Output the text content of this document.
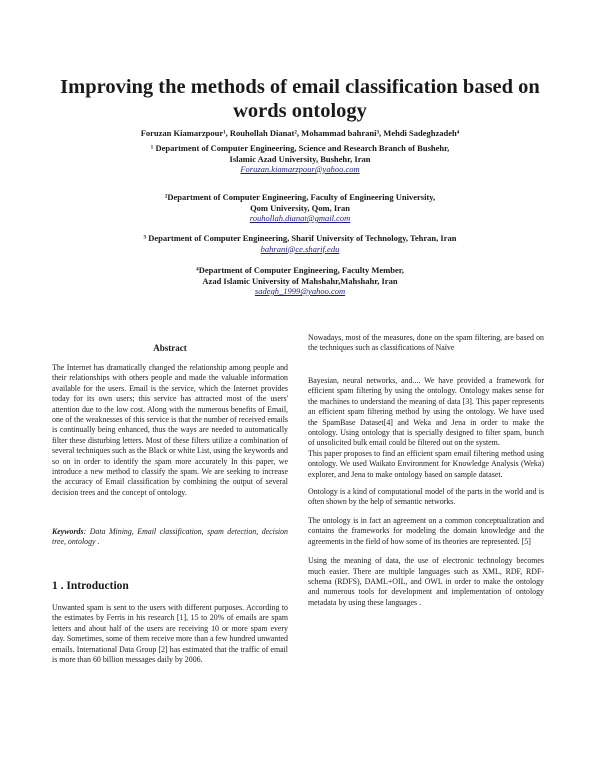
Improving the methods of email classification based on
words ontology
Foruzan Kiamarzpour¹, Rouhollah Dianat², Mohammad bahrani³, Mehdi Sadeghzadeh⁴
¹ Department of Computer Engineering, Science and Research Branch of Bushehr,
Islamic Azad University, Bushehr, Iran
Foruzan.kiamarzpour@yahoo.com
²Department of Computer Engineering, Faculty of Engineering University,
Qom University, Qom, Iran
rouhollah.dianat@gmail.com
³ Department of Computer Engineering, Sharif University of Technology, Tehran, Iran
bahrani@ce.sharif.edu
⁴Department of Computer Engineering, Faculty Member,
Azad Islamic University of Mahshahr,Mahshahr, Iran
sadegh_1999@yahoo.com
Abstract

The Internet has dramatically changed the relationship among people and their relationships with others people and made the valuable information available for the users. Email is the service, which the Internet provides today for its own users; this service has attracted most of the users' attention due to the low cost. Along with the numerous benefits of Email, one of the weaknesses of this service is that the number of received emails is continually being enhanced, thus the ways are needed to automatically filter these disturbing letters. Most of these filters utilize a combination of several techniques such as the Black or white List, using the keywords and so on in order to identify the spam more accurately In this paper, we introduce a new method to classify the spam. We are seeking to increase the accuracy of Email classification by combining the output of several decision trees and the concept of ontology.

Keywords: Data Mining, Email classification, spam detection, decision tree, ontology .

1 . Introduction

Unwanted spam is sent to the users with different purposes. According to the estimates by Ferris in his research [1], 15 to 20% of emails are spam letters and about half of the users are receiving 10 or more spam every day. Sometimes, some of them receive more than a few hundred unwanted emails. International Data Group [2] has estimated that the traffic of email is more than 60 billion messages daily by 2006.

Nowadays, most of the measures, done on the spam filtering, are based on the techniques such as classifications of Naïve

Bayesian, neural networks, and.... We have provided a framework for efficient spam filtering by using the ontology. Ontology makes sense for the machines to understand the meaning of data [3]. This paper represents an efficient spam filtering method by using the ontology. We have used the SpamBase Dataset[4] and Weka and Jena in order to make the ontology. Using ontology that is specially designed to filter spam, bunch of unsolicited bulk email could be filtered out on the system.

This paper proposes to find an efficient spam email filtering method using ontology. We used Waikato Environment for Knowledge Analysis (Weka) explorer, and Jena to make ontology based on sample dataset.

Ontology is a kind of computational model of the parts in the world and is often shown by the help of semantic networks.

The ontology is in fact an agreement on a common conceptualization and contains the frameworks for modeling the domain knowledge and the agreements in the field of how some of its theories are represented. [5]

Using the meaning of data, the use of electronic technology becomes much easier. There are multiple languages such as XML, RDF, RDF-schema (RDFS), DAML+OIL, and OWL in order to make the ontology and numerous tools for development and implementation of ontology metadata by using these languages .
